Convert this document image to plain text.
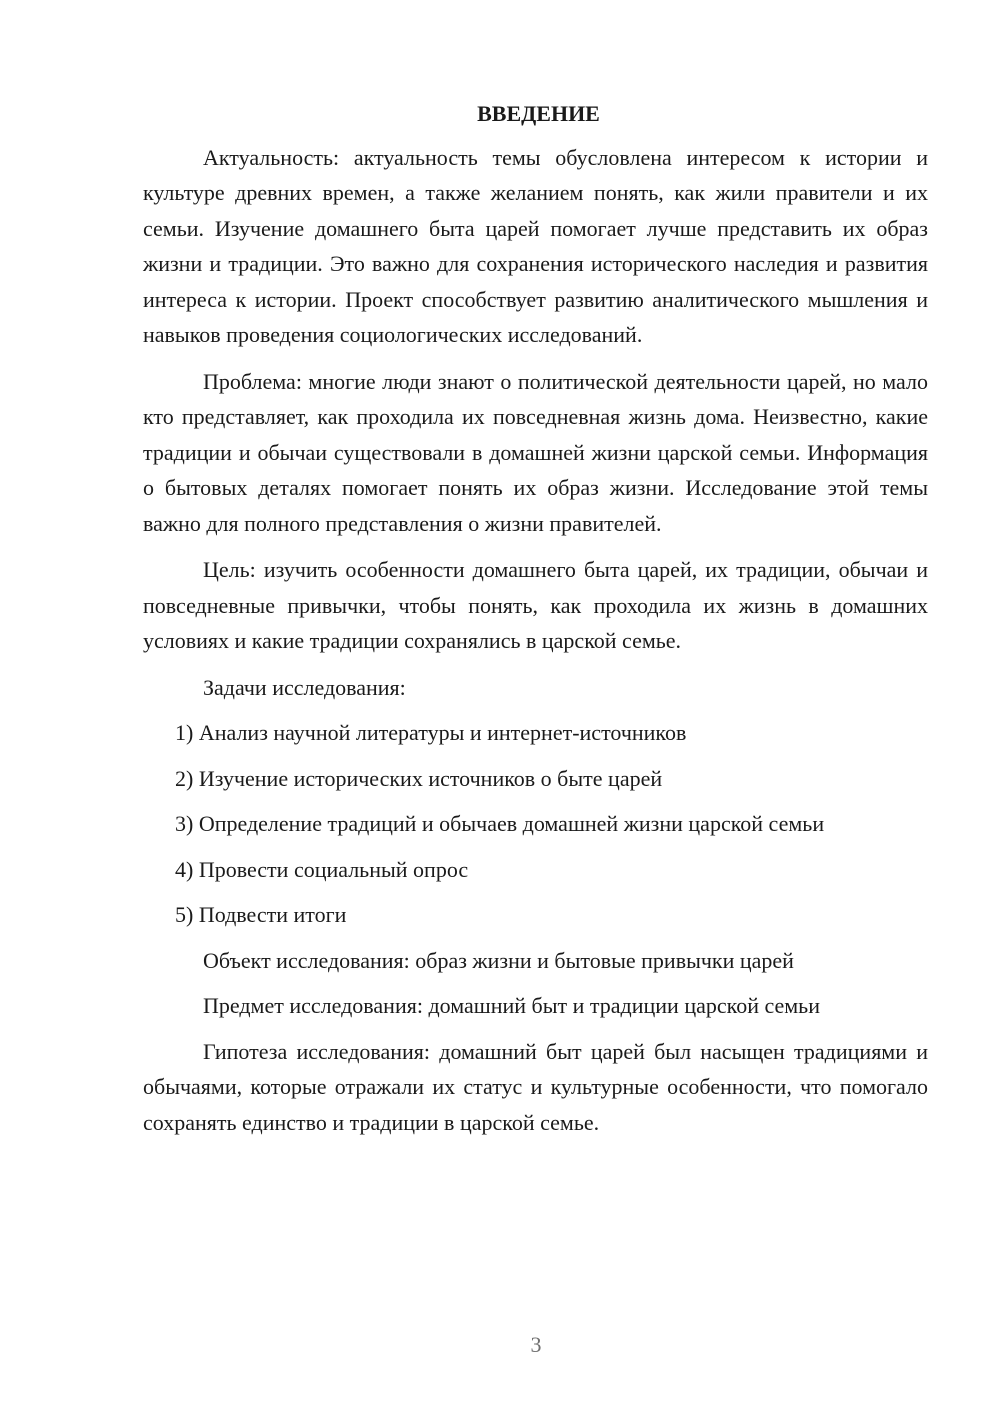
ВВЕДЕНИЕ

Актуальность: актуальность темы обусловлена интересом к истории и культуре древних времен, а также желанием понять, как жили правители и их семьи. Изучение домашнего быта царей помогает лучше представить их образ жизни и традиции. Это важно для сохранения исторического наследия и развития интереса к истории. Проект способствует развитию аналитического мышления и навыков проведения социологических исследований.

Проблема: многие люди знают о политической деятельности царей, но мало кто представляет, как проходила их повседневная жизнь дома. Неизвестно, какие традиции и обычаи существовали в домашней жизни царской семьи. Информация о бытовых деталях помогает понять их образ жизни. Исследование этой темы важно для полного представления о жизни правителей.

Цель: изучить особенности домашнего быта царей, их традиции, обычаи и повседневные привычки, чтобы понять, как проходила их жизнь в домашних условиях и какие традиции сохранялись в царской семье.

Задачи исследования:

1) Анализ научной литературы и интернет-источников
2) Изучение исторических источников о быте царей
3) Определение традиций и обычаев домашней жизни царской семьи
4) Провести социальный опрос
5) Подвести итоги

Объект исследования: образ жизни и бытовые привычки царей

Предмет исследования: домашний быт и традиции царской семьи

Гипотеза исследования: домашний быт царей был насыщен традициями и обычаями, которые отражали их статус и культурные особенности, что помогало сохранять единство и традиции в царской семье.

3
